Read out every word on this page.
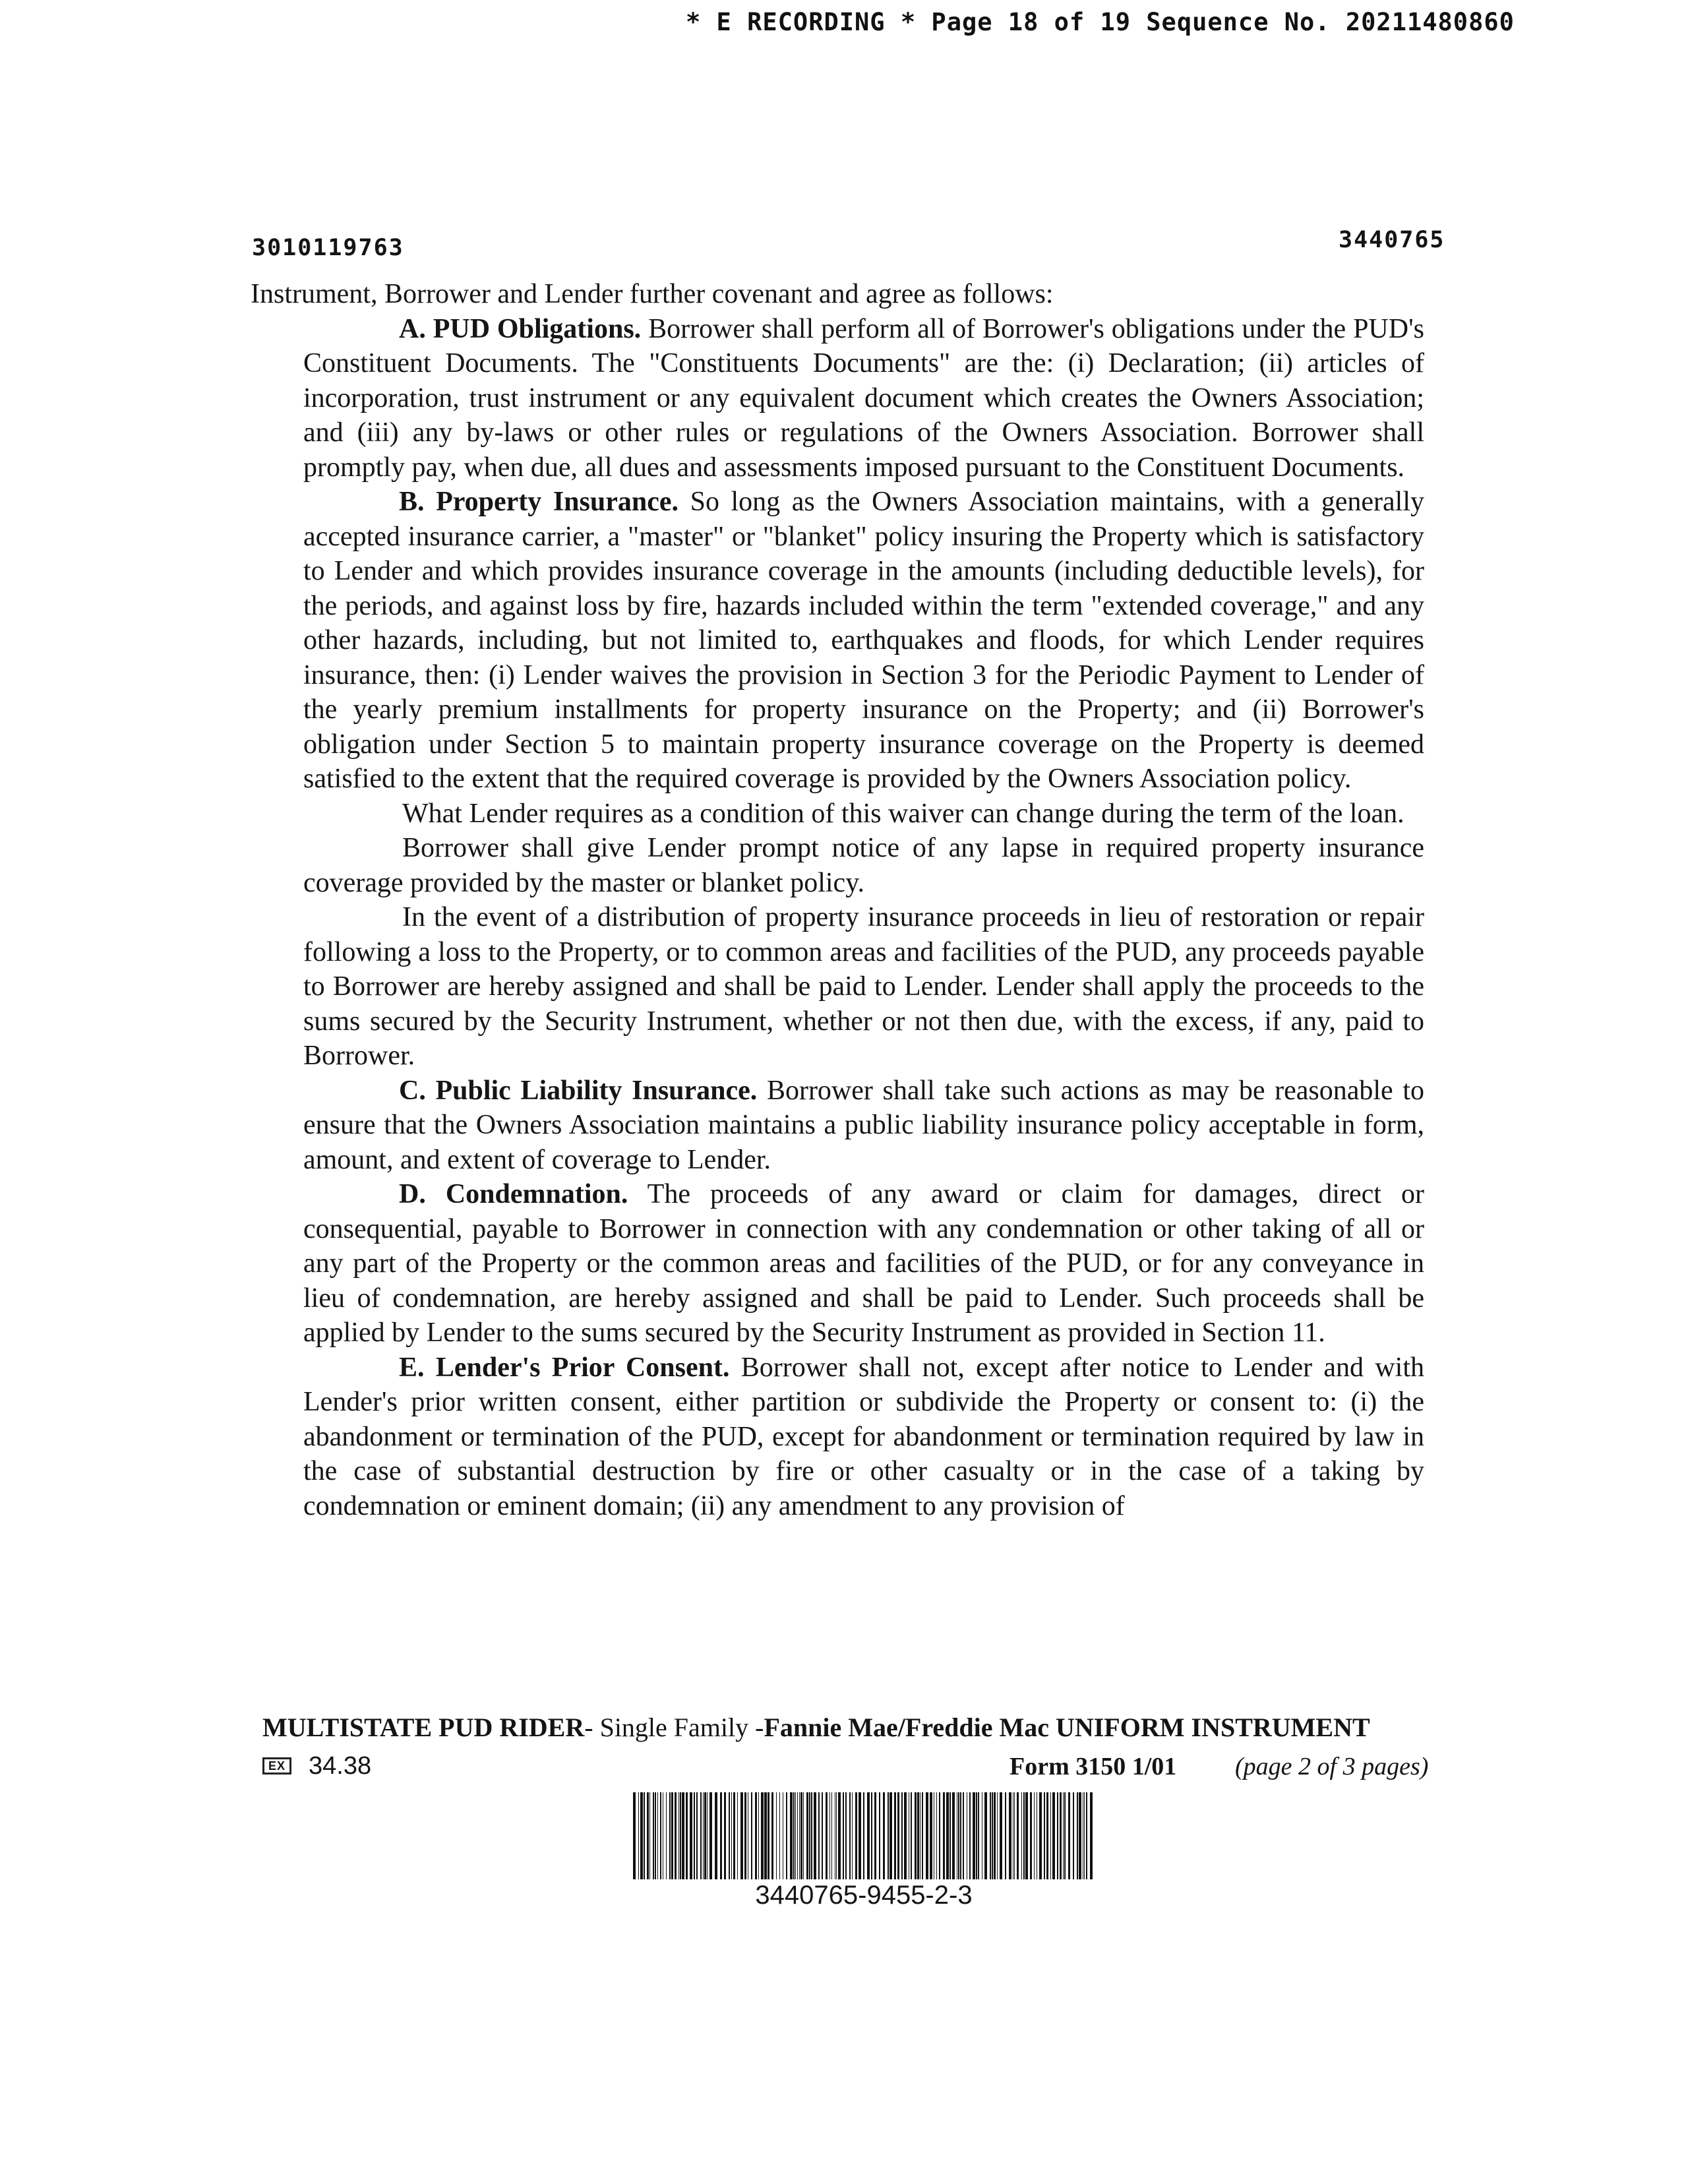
* E RECORDING * Page 18 of 19 Sequence No. 20211480860
3010119763	3440765

Instrument, Borrower and Lender further covenant and agree as follows:

A. PUD Obligations. Borrower shall perform all of Borrower's obligations under the PUD's Constituent Documents. The "Constituents Documents" are the: (i) Declaration; (ii) articles of incorporation, trust instrument or any equivalent document which creates the Owners Association; and (iii) any by-laws or other rules or regulations of the Owners Association. Borrower shall promptly pay, when due, all dues and assessments imposed pursuant to the Constituent Documents.

B. Property Insurance. So long as the Owners Association maintains, with a generally accepted insurance carrier, a "master" or "blanket" policy insuring the Property which is satisfactory to Lender and which provides insurance coverage in the amounts (including deductible levels), for the periods, and against loss by fire, hazards included within the term "extended coverage," and any other hazards, including, but not limited to, earthquakes and floods, for which Lender requires insurance, then: (i) Lender waives the provision in Section 3 for the Periodic Payment to Lender of the yearly premium installments for property insurance on the Property; and (ii) Borrower's obligation under Section 5 to maintain property insurance coverage on the Property is deemed satisfied to the extent that the required coverage is provided by the Owners Association policy.

What Lender requires as a condition of this waiver can change during the term of the loan.

Borrower shall give Lender prompt notice of any lapse in required property insurance coverage provided by the master or blanket policy.

In the event of a distribution of property insurance proceeds in lieu of restoration or repair following a loss to the Property, or to common areas and facilities of the PUD, any proceeds payable to Borrower are hereby assigned and shall be paid to Lender. Lender shall apply the proceeds to the sums secured by the Security Instrument, whether or not then due, with the excess, if any, paid to Borrower.

C. Public Liability Insurance. Borrower shall take such actions as may be reasonable to ensure that the Owners Association maintains a public liability insurance policy acceptable in form, amount, and extent of coverage to Lender.

D. Condemnation. The proceeds of any award or claim for damages, direct or consequential, payable to Borrower in connection with any condemnation or other taking of all or any part of the Property or the common areas and facilities of the PUD, or for any conveyance in lieu of condemnation, are hereby assigned and shall be paid to Lender. Such proceeds shall be applied by Lender to the sums secured by the Security Instrument as provided in Section 11.

E. Lender's Prior Consent. Borrower shall not, except after notice to Lender and with Lender's prior written consent, either partition or subdivide the Property or consent to: (i) the abandonment or termination of the PUD, except for abandonment or termination required by law in the case of substantial destruction by fire or other casualty or in the case of a taking by condemnation or eminent domain; (ii) any amendment to any provision of

MULTISTATE PUD RIDER- Single Family -Fannie Mae/Freddie Mac UNIFORM INSTRUMENT
EX 34.38	Form 3150 1/01 (page 2 of 3 pages)
3440765-9455-2-3
